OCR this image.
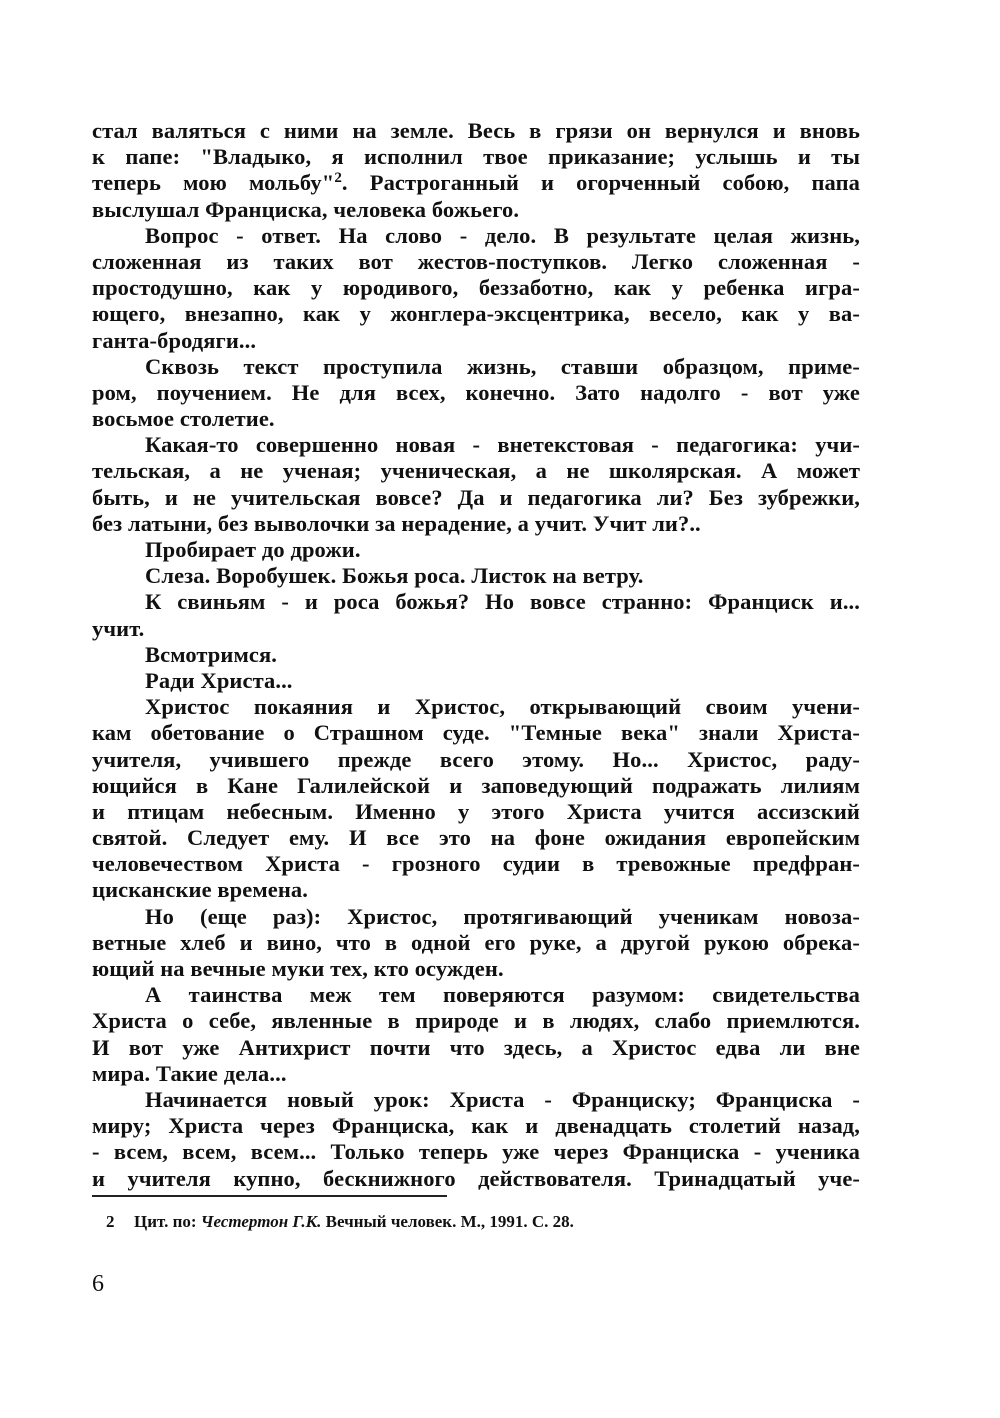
стал валяться с ними на земле. Весь в грязи он вернулся и вновь
к папе: "Владыко, я исполнил твое приказание; услышь и ты
теперь мою мольбу"$^2$. Растроганный и огорченный собою, папа
выслушал Франциска, человека божьего.
Вопрос - ответ. На слово - дело. В результате целая жизнь,
сложенная из таких вот жестов-поступков. Легко сложенная -
простодушно, как у юродивого, беззаботно, как у ребенка игра-
ющего, внезапно, как у жонглера-эксцентрика, весело, как у ва-
ганта-бродяги...
Сквозь текст проступила жизнь, ставши образцом, приме-
ром, поучением. Не для всех, конечно. Зато надолго - вот уже
восьмое столетие.
Какая-то совершенно новая - внетекстовая - педагогика: учи-
тельская, а не ученая; ученическая, а не школярская. А может
быть, и не учительская вовсе? Да и педагогика ли? Без зубрежки,
без латыни, без выволочки за нерадение, а учит. Учит ли?..
Пробирает до дрожи.
Слеза. Воробушек. Божья роса. Листок на ветру.
К свиньям - и роса божья? Но вовсе странно: Франциск и...
учит.
Всмотримся.
Ради Христа...
Христос покаяния и Христос, открывающий своим учени-
кам обетование о Страшном суде. "Темные века" знали Христа-
учителя, учившего прежде всего этому. Но... Христос, раду-
ющийся в Кане Галилейской и заповедующий подражать лилиям
и птицам небесным. Именно у этого Христа учится ассизский
святой. Следует ему. И все это на фоне ожидания европейским
человечеством Христа - грозного судии в тревожные предфран-
цисканские времена.
Но (еще раз): Христос, протягивающий ученикам новоза-
ветные хлеб и вино, что в одной его руке, а другой рукою обрека-
ющий на вечные муки тех, кто осужден.
А таинства меж тем поверяются разумом: свидетельства
Христа о себе, явленные в природе и в людях, слабо приемлются.
И вот уже Антихрист почти что здесь, а Христос едва ли вне
мира. Такие дела...
Начинается новый урок: Христа - Франциску; Франциска -
миру; Христа через Франциска, как и двенадцать столетий назад,
- всем, всем, всем... Только теперь уже через Франциска - ученика
и учителя купно, бескнижного действователя. Тринадцатый уче-
2 Цит. по: Честертон Г.К. Вечный человек. М., 1991. С. 28.
6
